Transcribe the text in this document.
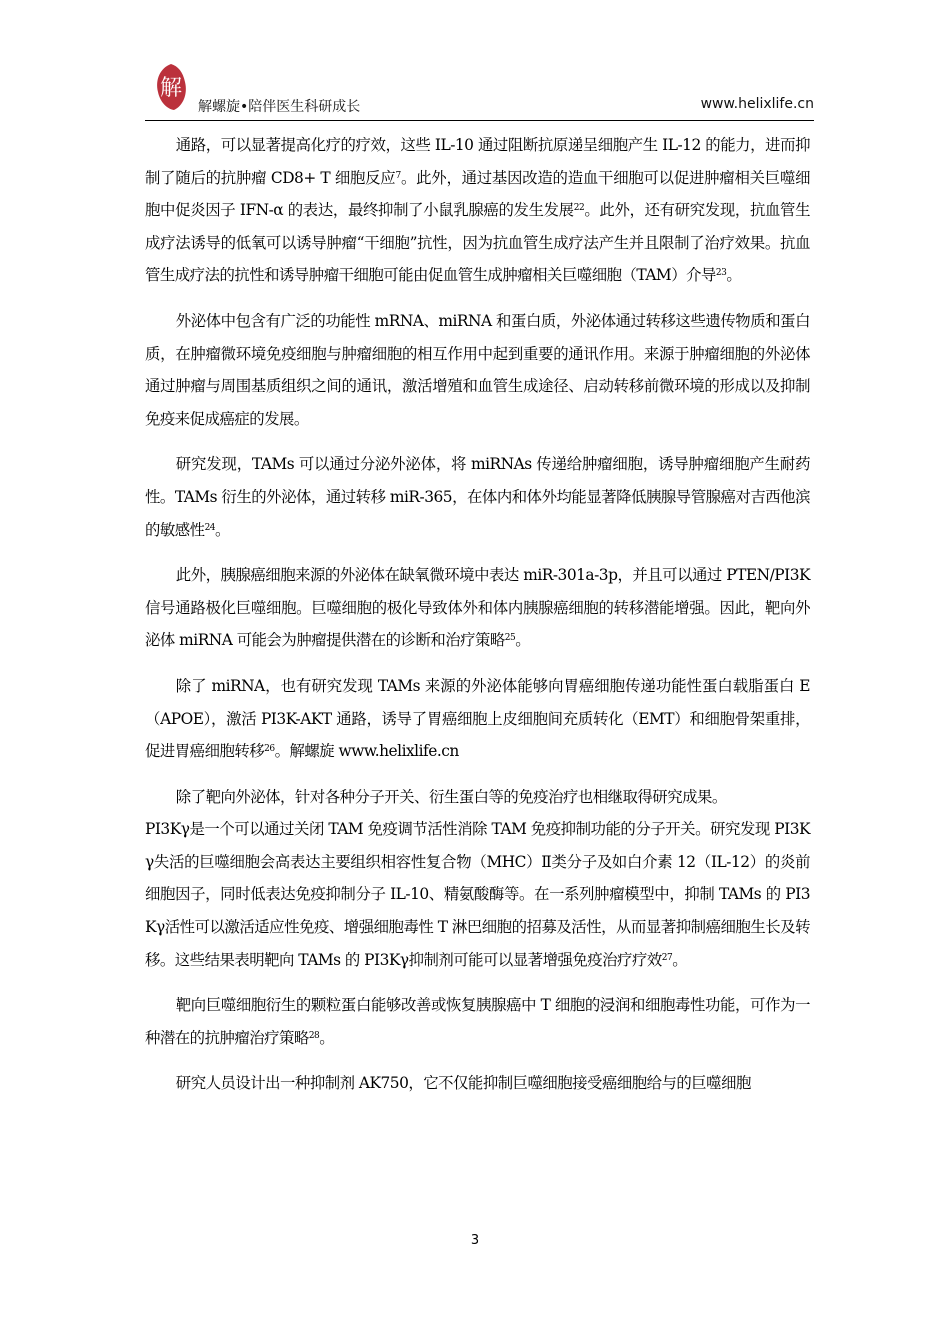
解
解螺旋•陪伴医生科研成长	www.helixlife.cn

通路，可以显著提高化疗的疗效，这些 IL-10 通过阻断抗原递呈细胞产生 IL-12 的能力，进而抑制了随后的抗肿瘤 CD8+ T 细胞反应$^7$。此外，通过基因改造的造血干细胞可以促进肿瘤相关巨噬细胞中促炎因子 IFN-α 的表达，最终抑制了小鼠乳腺癌的发生发展$^{22}$。此外，还有研究发现，抗血管生成疗法诱导的低氧可以诱导肿瘤“干细胞”抗性，因为抗血管生成疗法产生并且限制了治疗效果。抗血管生成疗法的抗性和诱导肿瘤干细胞可能由促血管生成肿瘤相关巨噬细胞（TAM）介导$^{23}$。

外泌体中包含有广泛的功能性 mRNA、miRNA 和蛋白质，外泌体通过转移这些遗传物质和蛋白质，在肿瘤微环境免疫细胞与肿瘤细胞的相互作用中起到重要的通讯作用。来源于肿瘤细胞的外泌体通过肿瘤与周围基质组织之间的通讯，激活增殖和血管生成途径、启动转移前微环境的形成以及抑制免疫来促成癌症的发展。

研究发现，TAMs 可以通过分泌外泌体，将 miRNAs 传递给肿瘤细胞，诱导肿瘤细胞产生耐药性。TAMs 衍生的外泌体，通过转移 miR-365，在体内和体外均能显著降低胰腺导管腺癌对吉西他滨的敏感性$^{24}$。

此外，胰腺癌细胞来源的外泌体在缺氧微环境中表达 miR-301a-3p，并且可以通过 PTEN/PI3K 信号通路极化巨噬细胞。巨噬细胞的极化导致体外和体内胰腺癌细胞的转移潜能增强。因此，靶向外泌体 miRNA 可能会为肿瘤提供潜在的诊断和治疗策略$^{25}$。

除了 miRNA，也有研究发现 TAMs 来源的外泌体能够向胃癌细胞传递功能性蛋白载脂蛋白 E（APOE），激活 PI3K-AKT 通路，诱导了胃癌细胞上皮细胞间充质转化（EMT）和细胞骨架重排，促进胃癌细胞转移$^{26}$。解螺旋 www.helixlife.cn

除了靶向外泌体，针对各种分子开关、衍生蛋白等的免疫治疗也相继取得研究成果。

PI3Kγ是一个可以通过关闭 TAM 免疫调节活性消除 TAM 免疫抑制功能的分子开关。研究发现 PI3Kγ失活的巨噬细胞会高表达主要组织相容性复合物（MHC）Ⅱ类分子及如白介素 12（IL-12）的炎前细胞因子，同时低表达免疫抑制分子 IL-10、精氨酸酶等。在一系列肿瘤模型中，抑制 TAMs 的 PI3Kγ活性可以激活适应性免疫、增强细胞毒性 T 淋巴细胞的招募及活性，从而显著抑制癌细胞生长及转移。这些结果表明靶向 TAMs 的 PI3Kγ抑制剂可能可以显著增强免疫治疗疗效$^{27}$。

靶向巨噬细胞衍生的颗粒蛋白能够改善或恢复胰腺癌中 T 细胞的浸润和细胞毒性功能，可作为一种潜在的抗肿瘤治疗策略$^{28}$。

研究人员设计出一种抑制剂 AK750，它不仅能抑制巨噬细胞接受癌细胞给与的巨噬细胞

3
